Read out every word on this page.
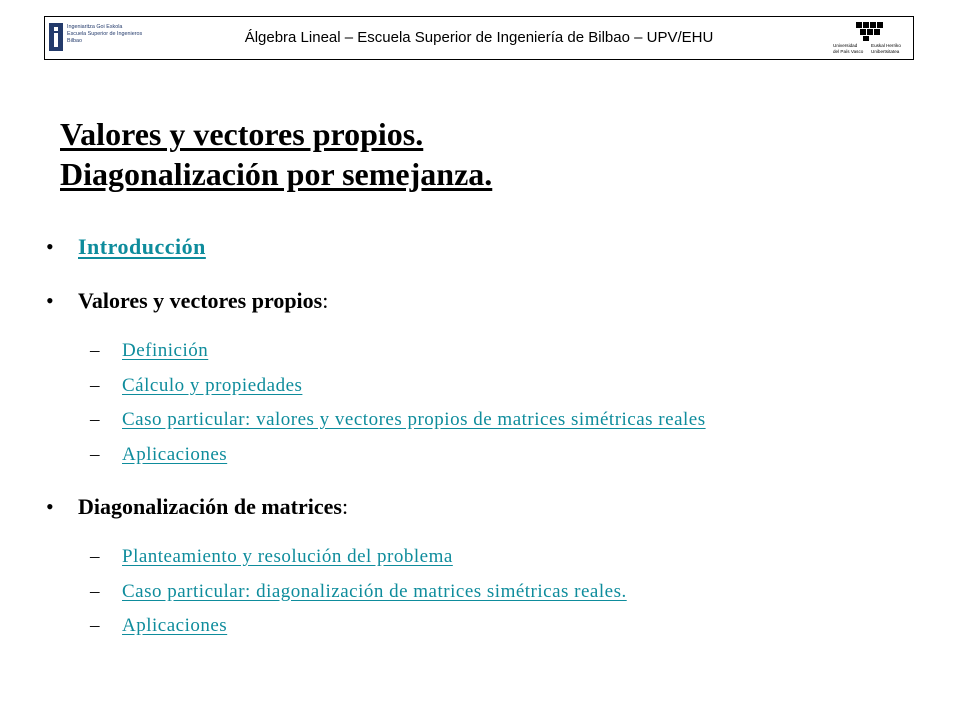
Ingeniaritza Goi Eskola
Escuela Superior de Ingenieros
Bilbao	Álgebra Lineal – Escuela Superior de Ingeniería de Bilbao – UPV/EHU	Universidad
del País Vasco
Euskal Herriko
Unibertsitatea
Valores y vectores propios.
Diagonalización por semejanza.
• Introducción
• Valores y vectores propios:
– Definición
– Cálculo y propiedades
– Caso particular: valores y vectores propios de matrices simétricas reales
– Aplicaciones
• Diagonalización de matrices:
– Planteamiento y resolución del problema
– Caso particular: diagonalización de matrices simétricas reales.
– Aplicaciones
